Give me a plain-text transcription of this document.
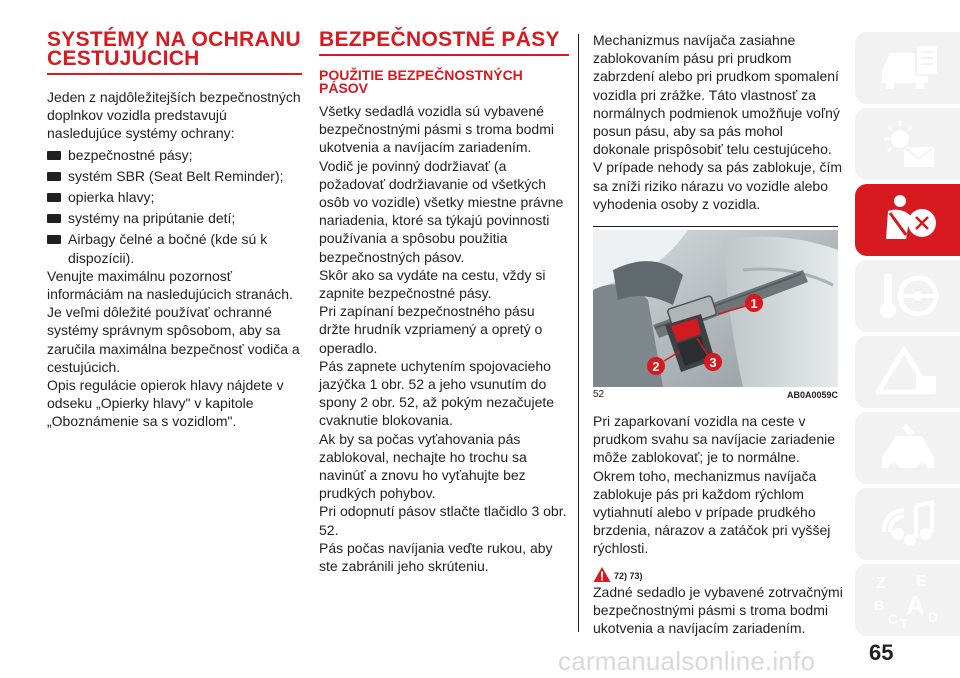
SYSTÉMY NA OCHRANU CESTUJÚCICH
Jeden z najdôležitejších bezpečnostných doplnkov vozidla predstavujú nasledujúce systémy ochrany:
bezpečnostné pásy;
systém SBR (Seat Belt Reminder);
opierka hlavy;
systémy na pripútanie detí;
Airbagy čelné a bočné (kde sú k dispozícii).
Venujte maximálnu pozornosť informáciám na nasledujúcich stranách. Je veľmi dôležité používať ochranné systémy správnym spôsobom, aby sa zaručila maximálna bezpečnosť vodiča a cestujúcich.
Opis regulácie opierok hlavy nájdete v odseku „Opierky hlavy" v kapitole „Oboznámenie sa s vozidlom".
BEZPEČNOSTNÉ PÁSY
POUŽITIE BEZPEČNOSTNÝCH PÁSOV
Všetky sedadlá vozidla sú vybavené bezpečnostnými pásmi s troma bodmi ukotvenia a navíjacím zariadením.
Vodič je povinný dodržiavať (a požadovať dodržiavanie od všetkých osôb vo vozidle) všetky miestne právne nariadenia, ktoré sa týkajú povinnosti používania a spôsobu použitia bezpečnostných pásov.
Skôr ako sa vydáte na cestu, vždy si zapnite bezpečnostné pásy.
Pri zapínaní bezpečnostného pásu držte hrudník vzpriamený a opretý o operadlo.
Pás zapnete uchytením spojovacieho jazýčka 1 obr. 52 a jeho vsunutím do spony 2 obr. 52, až pokým nezačujete cvaknutie blokovania.
Ak by sa počas vyťahovania pás zablokoval, nechajte ho trochu sa navinúť a znovu ho vyťahujte bez prudkých pohybov.
Pri odopnutí pásov stlačte tlačidlo 3 obr. 52.
Pás počas navíjania veďte rukou, aby ste zabránili jeho skrúteniu.
Mechanizmus navíjača zasiahne zablokovaním pásu pri prudkom zabrzdení alebo pri prudkom spomalení vozidla pri zrážke. Táto vlastnosť za normálnych podmienok umožňuje voľný posun pásu, aby sa pás mohol dokonale prispôsobiť telu cestujúceho.
V prípade nehody sa pás zablokuje, čím sa zníži riziko nárazu vo vozidle alebo vyhodenia osoby z vozidla.
1
2	3
52	AB0A0059C
Pri zaparkovaní vozidla na ceste v prudkom svahu sa navíjacie zariadenie môže zablokovať; je to normálne. Okrem toho, mechanizmus navíjača zablokuje pás pri každom rýchlom vytiahnutí alebo v prípade prudkého brzdenia, nárazov a zatáčok pri vyššej rýchlosti.
72) 73)
Zadné sedadlo je vybavené zotrvačnými bezpečnostnými pásmi s troma bodmi ukotvenia a navíjacím zariadením.
Z E
B A
C T D
carmanualsonline.info 65
